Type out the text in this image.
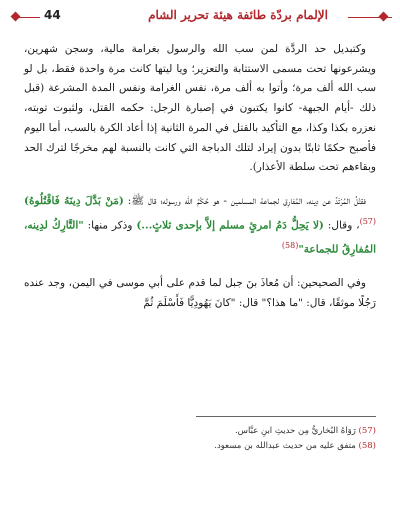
44	الإلمام بردّة طائفة هيئة تحرير الشام

وكتبديل حد الردَّة لمن سب الله والرسول بغرامة مالية، وسجن شهرين، ويشرعونها تحت مسمى الاستتابة والتعزير؛ ويا ليتها كانت مرة واحدة فقط، بل لو سب الله ألف مرة؛ وأتوا به ألف مرة، نفس الغرامة ونفس المدة المشرعة (قبل ذلك -أيام الجبهة- كانوا يكتبون في إصبارة الرجل: حكمه القتل، ولثبوت توبته، نعزره بكذا وكذا، مع التأكيد بالقتل في المرة الثانية إذا أعاد الكرة بالسب، أما اليوم فأصبح حكمًا ثابتًا بدون إيراد لتلك الدباجة التي كانت بالنسبة لهم مخرجًا لترك الحد وبقاءهم تحت سلطة الأعذار).

فقتْلُ المُرْتَدِّ عن دِينه، المُفارِق لجماعة المسلمين - هو حُكْمُ الله ورسوله؛ قال ﷺ: (مَنْ بَدَّلَ دِينَهُ فَاقْتُلُوهُ)$^{(57)}$، وقال: (لا يَحِلُّ دَمُ امرئٍ مسلم إلاَّ بإحدى ثلاثٍ...) وذكر منها: "التَّارِكُ لدِينه، المُفارِقُ للجماعة"$^{(58)}$

وفي الصحيحين: أن مُعاذَ بنَ جبل لما قدم على أبي موسى في اليمن، وجد عنده رَجُلًا موثقًا، قال: "ما هذا؟" قال: "كانَ يَهُودِيًّا فَأَسْلَمَ ثُمَّ

(57) رَوَاهُ البُخاريُّ مِن حديثِ ابنِ عبَّاس.
(58) متفق عليه من حديث عبدالله بن مسعود.
